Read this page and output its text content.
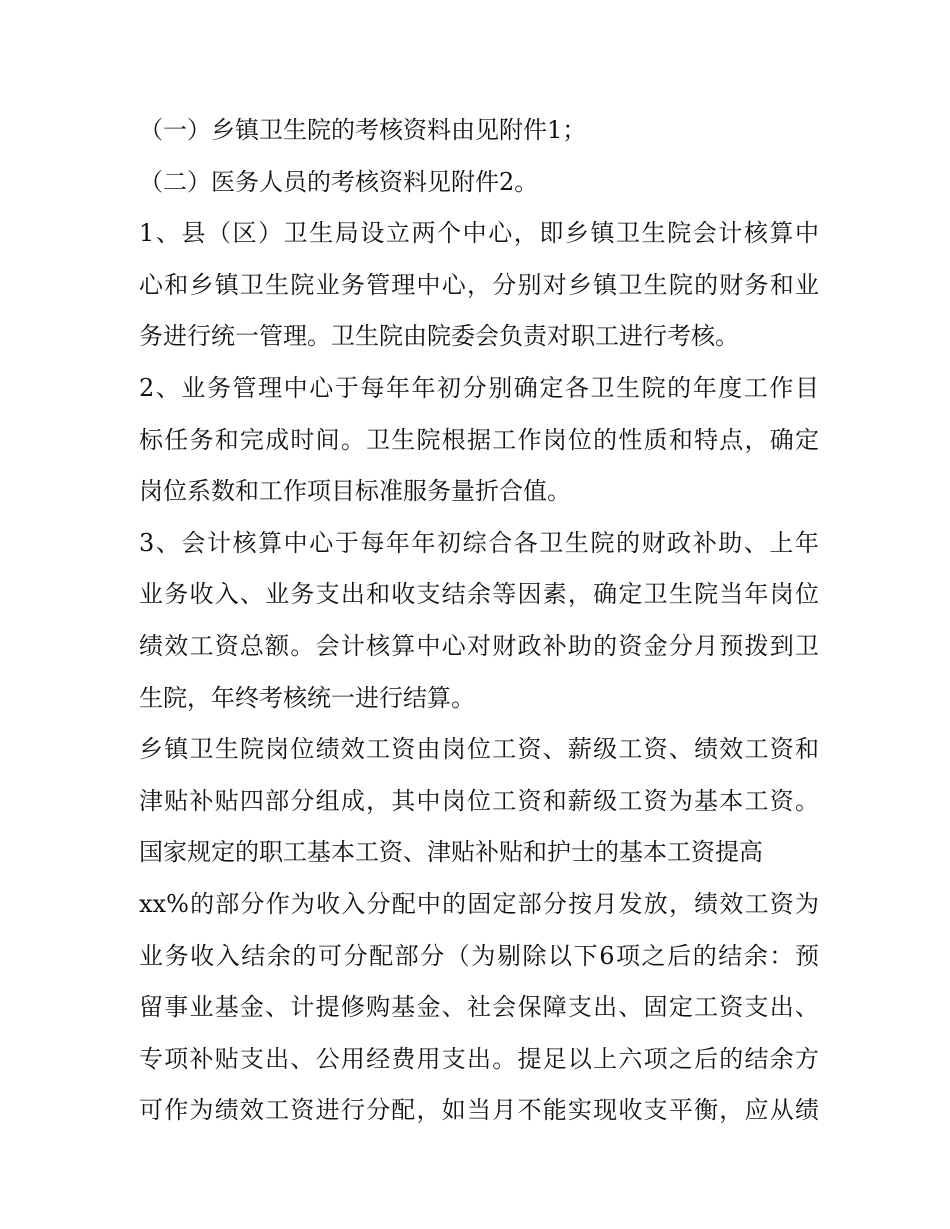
（一）乡镇卫生院的考核资料由见附件1；
（二）医务人员的考核资料见附件2。
1、县（区）卫生局设立两个中心，即乡镇卫生院会计核算中
心和乡镇卫生院业务管理中心，分别对乡镇卫生院的财务和业
务进行统一管理。卫生院由院委会负责对职工进行考核。
2、业务管理中心于每年年初分别确定各卫生院的年度工作目
标任务和完成时间。卫生院根据工作岗位的性质和特点，确定
岗位系数和工作项目标准服务量折合值。
3、会计核算中心于每年年初综合各卫生院的财政补助、上年
业务收入、业务支出和收支结余等因素，确定卫生院当年岗位
绩效工资总额。会计核算中心对财政补助的资金分月预拨到卫
生院，年终考核统一进行结算。
乡镇卫生院岗位绩效工资由岗位工资、薪级工资、绩效工资和
津贴补贴四部分组成，其中岗位工资和薪级工资为基本工资。
国家规定的职工基本工资、津贴补贴和护士的基本工资提高
xx%的部分作为收入分配中的固定部分按月发放，绩效工资为
业务收入结余的可分配部分（为剔除以下6项之后的结余：预
留事业基金、计提修购基金、社会保障支出、固定工资支出、
专项补贴支出、公用经费用支出。提足以上六项之后的结余方
可作为绩效工资进行分配，如当月不能实现收支平衡，应从绩
